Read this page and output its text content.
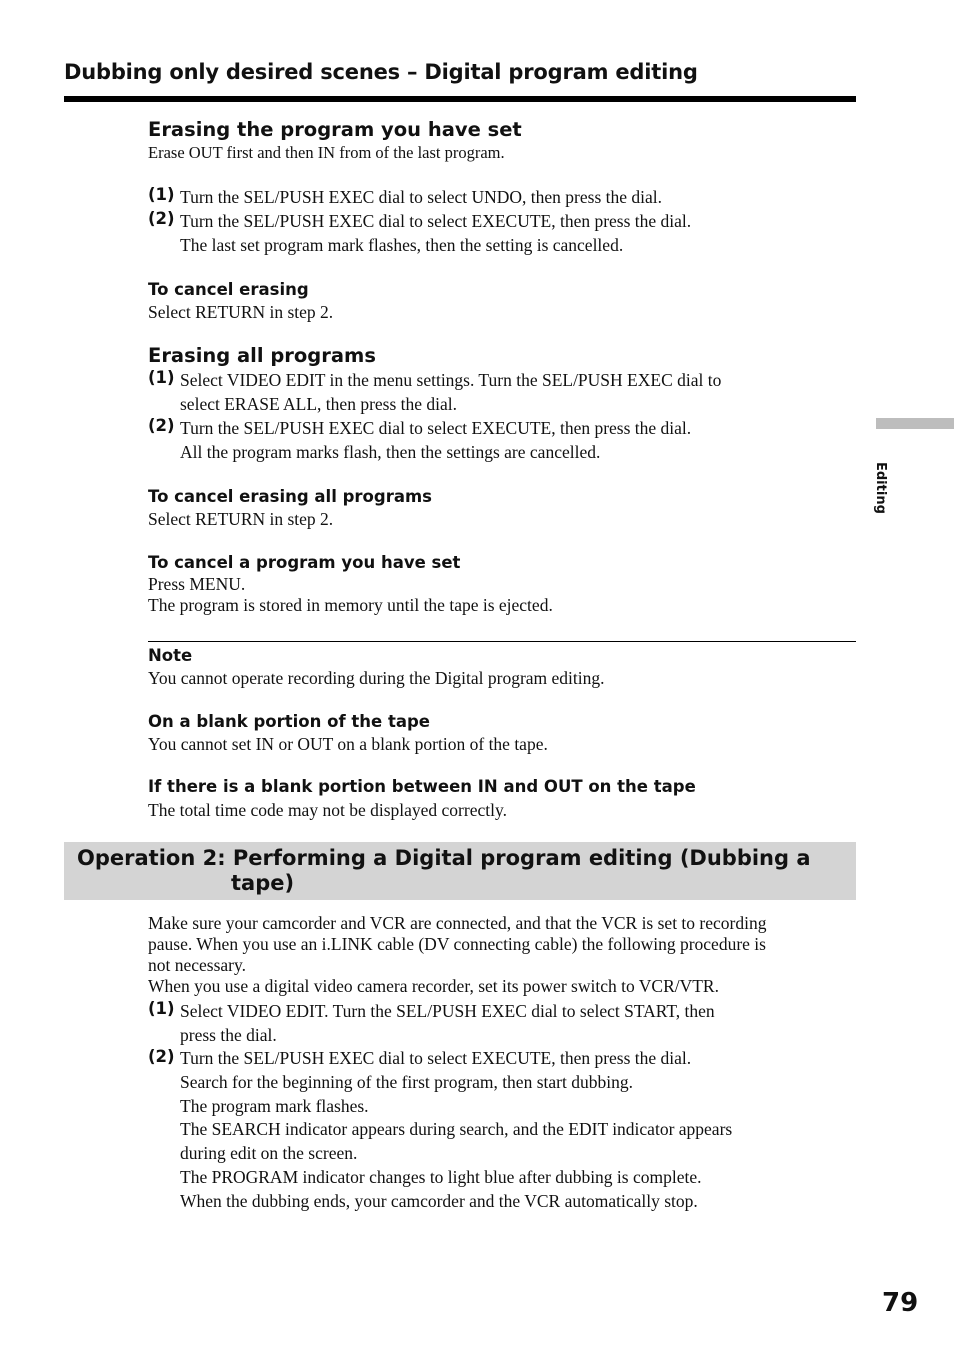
Dubbing only desired scenes – Digital program editing
Erasing the program you have set
Erase OUT first and then IN from of the last program.
(1) Turn the SEL/PUSH EXEC dial to select UNDO, then press the dial.
(2) Turn the SEL/PUSH EXEC dial to select EXECUTE, then press the dial.
The last set program mark flashes, then the setting is cancelled.
To cancel erasing
Select RETURN in step 2.
Erasing all programs
(1) Select VIDEO EDIT in the menu settings. Turn the SEL/PUSH EXEC dial to
select ERASE ALL, then press the dial.
(2) Turn the SEL/PUSH EXEC dial to select EXECUTE, then press the dial.
All the program marks flash, then the settings are cancelled.
To cancel erasing all programs
Select RETURN in step 2.
To cancel a program you have set
Press MENU.
The program is stored in memory until the tape is ejected.
Note
You cannot operate recording during the Digital program editing.
On a blank portion of the tape
You cannot set IN or OUT on a blank portion of the tape.
If there is a blank portion between IN and OUT on the tape
The total time code may not be displayed correctly.
Operation 2: Performing a Digital program editing (Dubbing a
tape)
Make sure your camcorder and VCR are connected, and that the VCR is set to recording
pause. When you use an i.LINK cable (DV connecting cable) the following procedure is
not necessary.
When you use a digital video camera recorder, set its power switch to VCR/VTR.
(1) Select VIDEO EDIT. Turn the SEL/PUSH EXEC dial to select START, then
press the dial.
(2) Turn the SEL/PUSH EXEC dial to select EXECUTE, then press the dial.
Search for the beginning of the first program, then start dubbing.
The program mark flashes.
The SEARCH indicator appears during search, and the EDIT indicator appears
during edit on the screen.
The PROGRAM indicator changes to light blue after dubbing is complete.
When the dubbing ends, your camcorder and the VCR automatically stop.
Editing
79
